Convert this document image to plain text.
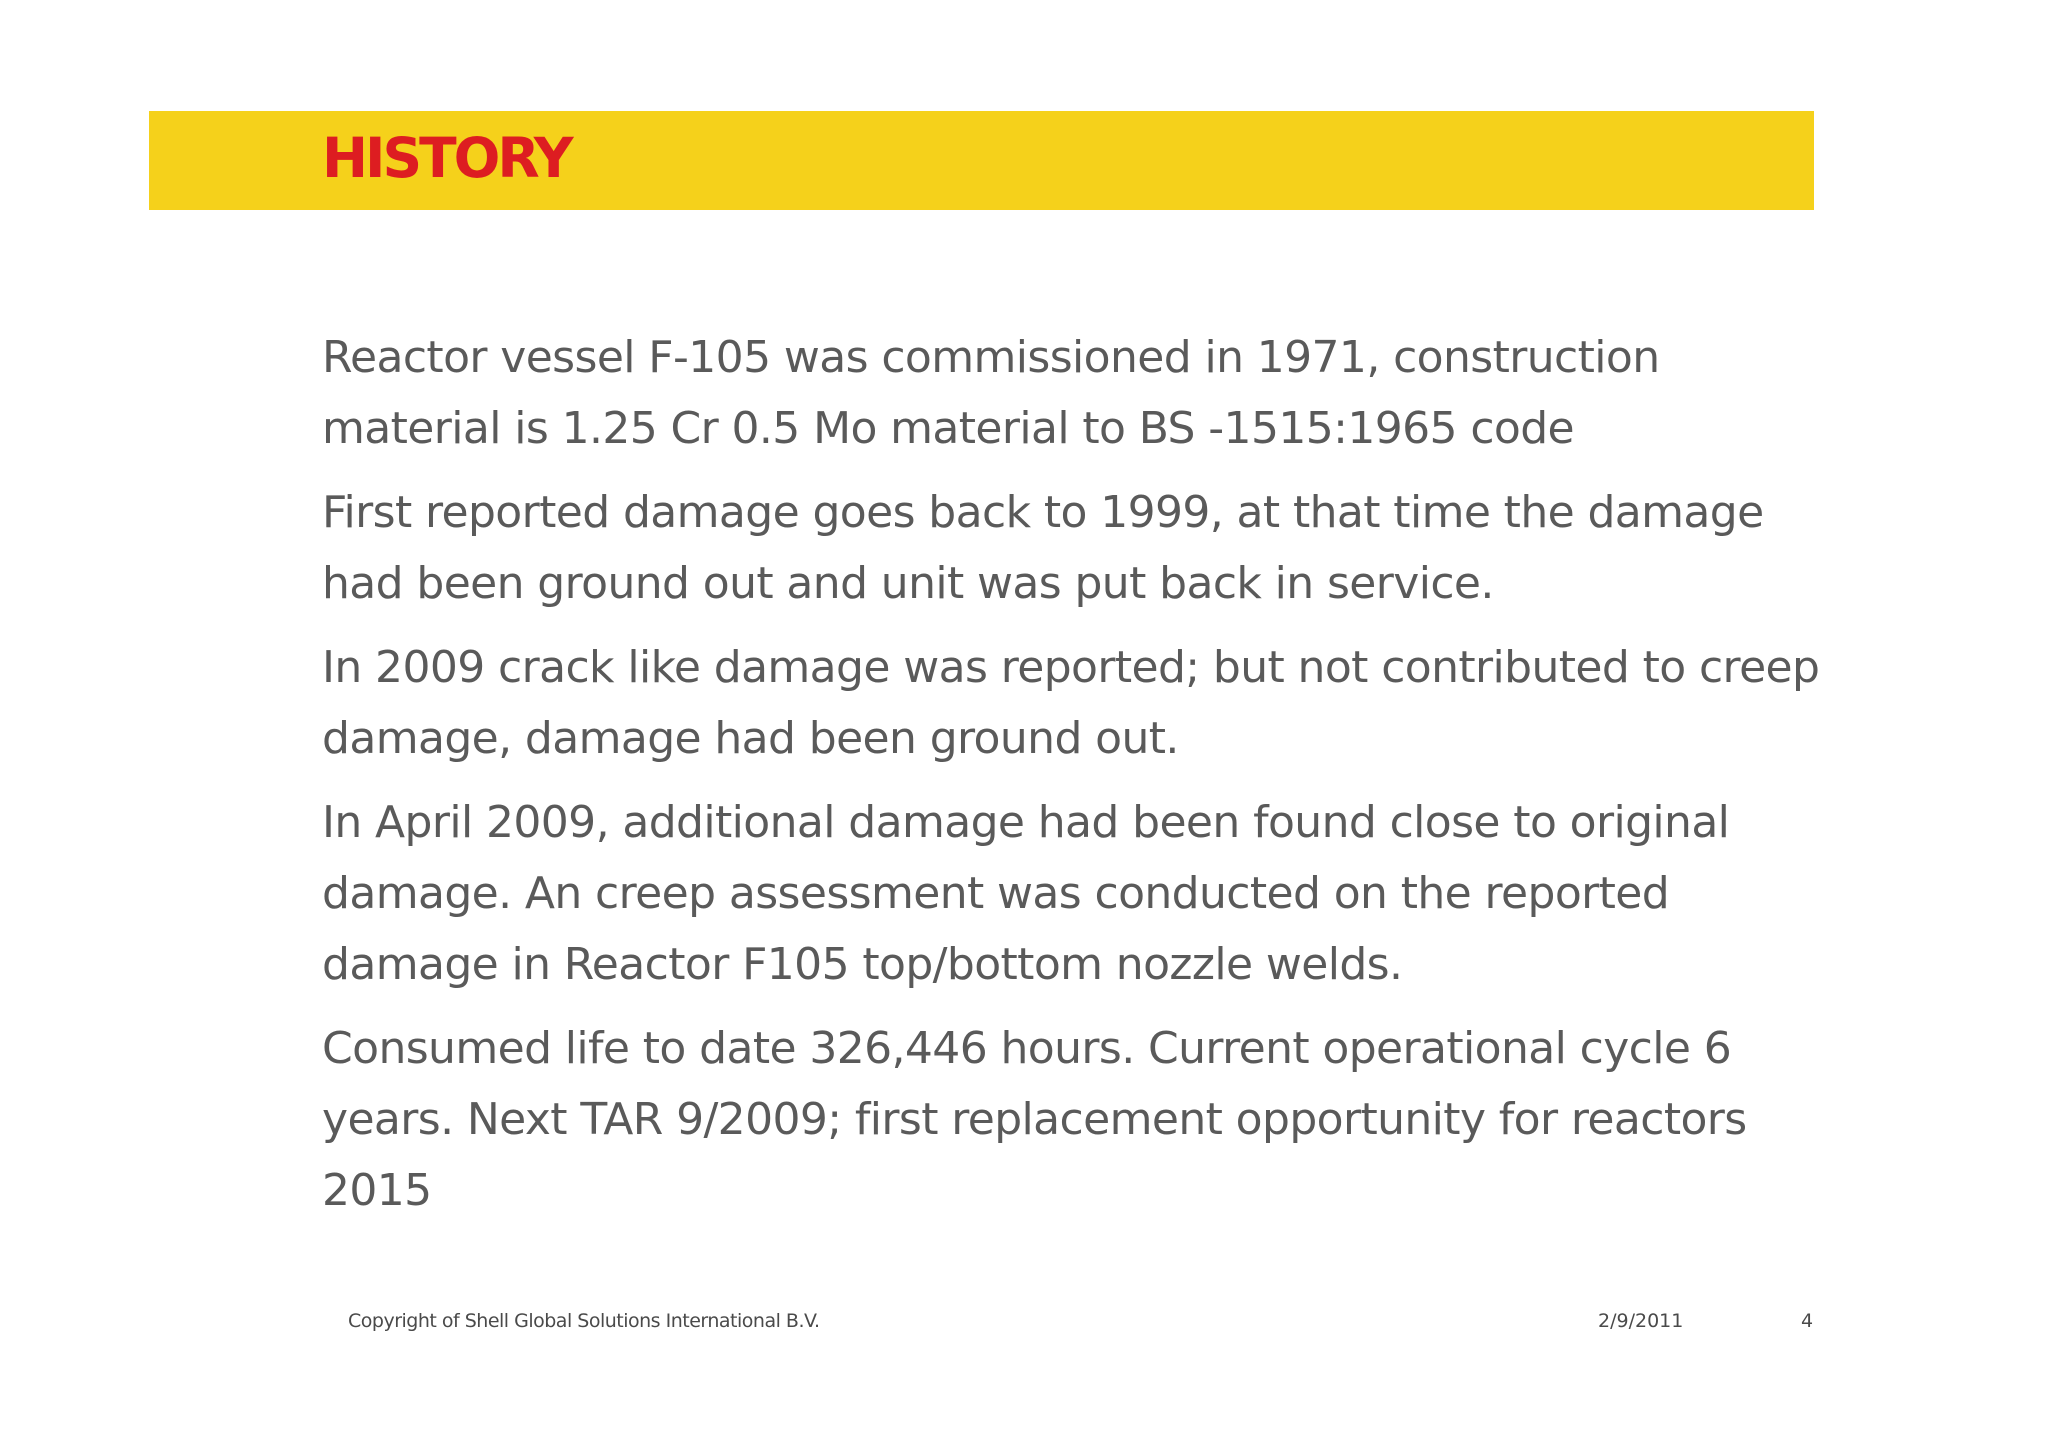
HISTORY

Reactor vessel F-105 was commissioned in 1971, construction material is 1.25 Cr 0.5 Mo material to BS -1515:1965 code

First reported damage goes back to 1999, at that time the damage had been ground out and unit was put back in service.

In 2009 crack like damage was reported; but not contributed to creep damage, damage had been ground out.

In April 2009, additional damage had been found close to original damage. An creep assessment was conducted on the reported damage in Reactor F105 top/bottom nozzle welds.

Consumed life to date 326,446 hours. Current operational cycle 6 years. Next TAR 9/2009; first replacement opportunity for reactors 2015

Copyright of Shell Global Solutions International B.V.	2/9/2011	4
